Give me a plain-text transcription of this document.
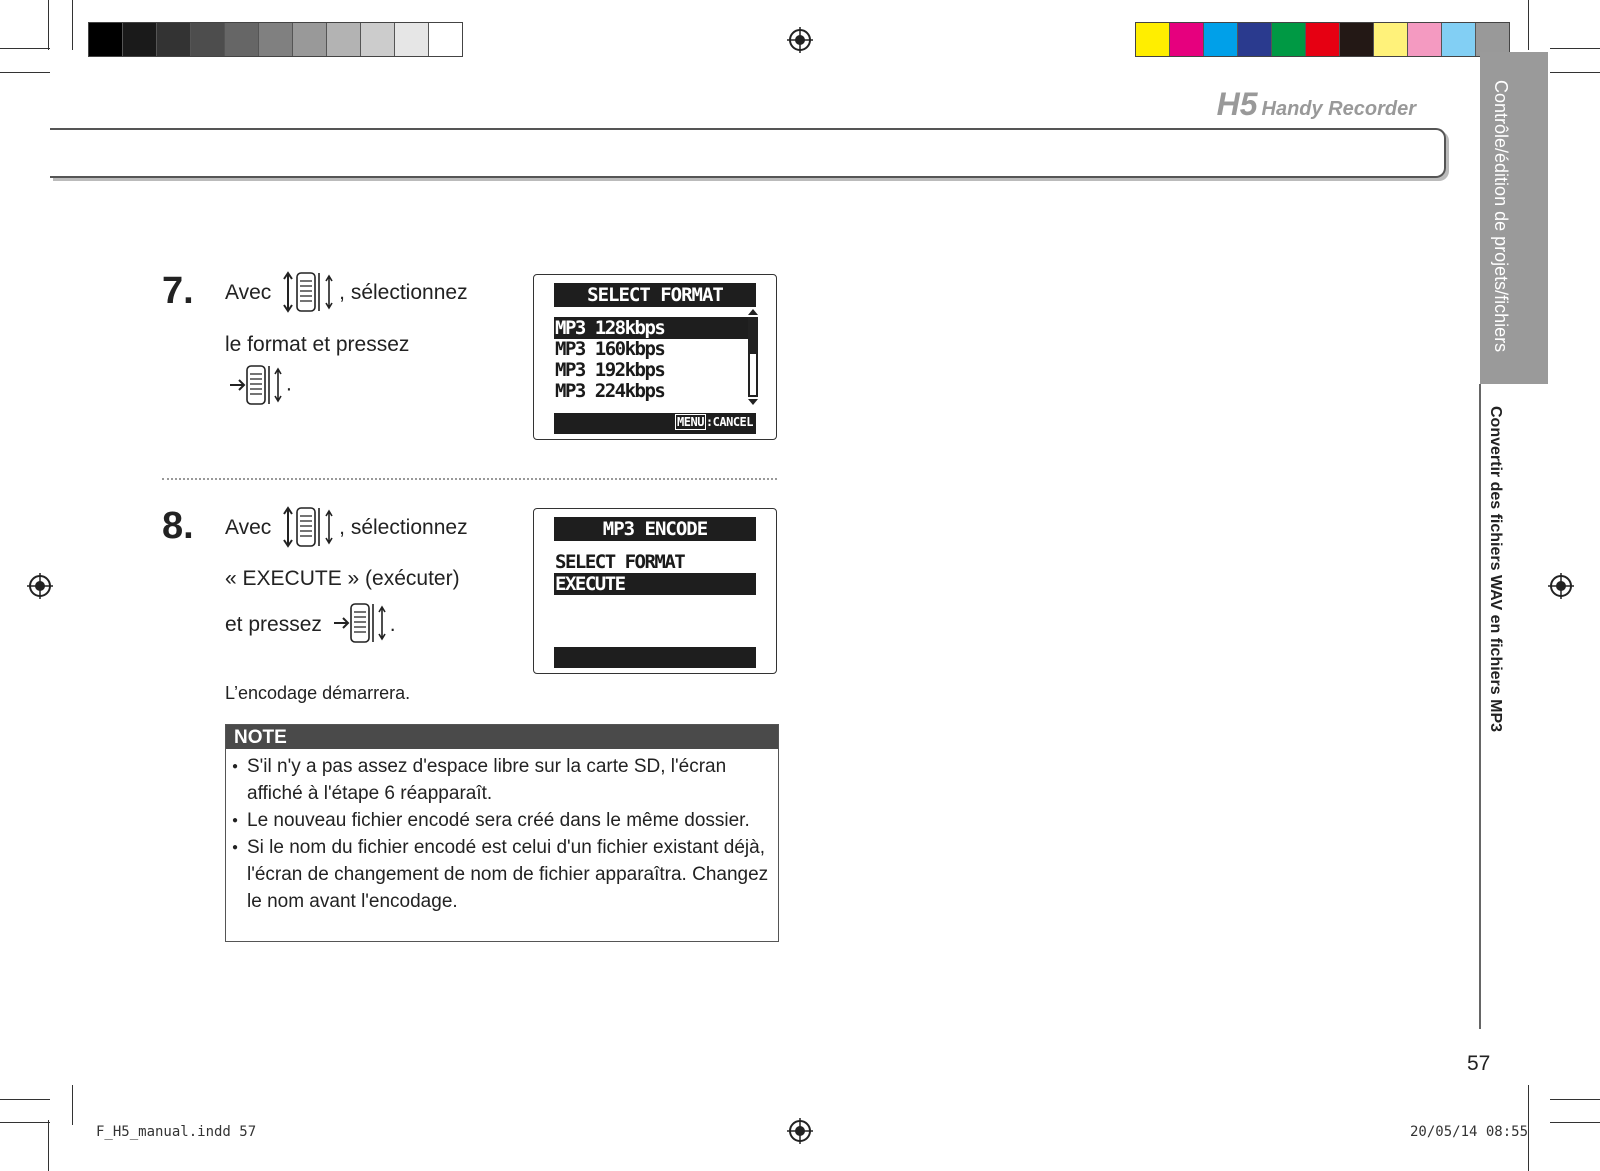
H5 Handy Recorder	Contrôle/édition de projets/fichiers
Convertir des fichiers WAV en fichiers MP3
7. Avec	, sélectionnez
le format et pressez
.
SELECT FORMAT
MP3 128kbps
MP3 160kbps
MP3 192kbps
MP3 224kbps
MENU :CANCEL
8. Avec	, sélectionnez
« EXECUTE » (exécuter)
et pressez	.
L’encodage démarrera.
MP3 ENCODE
SELECT FORMAT
EXECUTE
NOTE
● S'il n'y a pas assez d'espace libre sur la carte SD, l'écran affiché à l'étape 6 réapparaît.
● Le nouveau fichier encodé sera créé dans le même dossier.
● Si le nom du fichier encodé est celui d'un fichier existant déjà, l'écran de changement de nom de fichier apparaîtra. Changez le nom avant l'encodage.
57
F_H5_manual.indd 57	20/05/14 08:55
